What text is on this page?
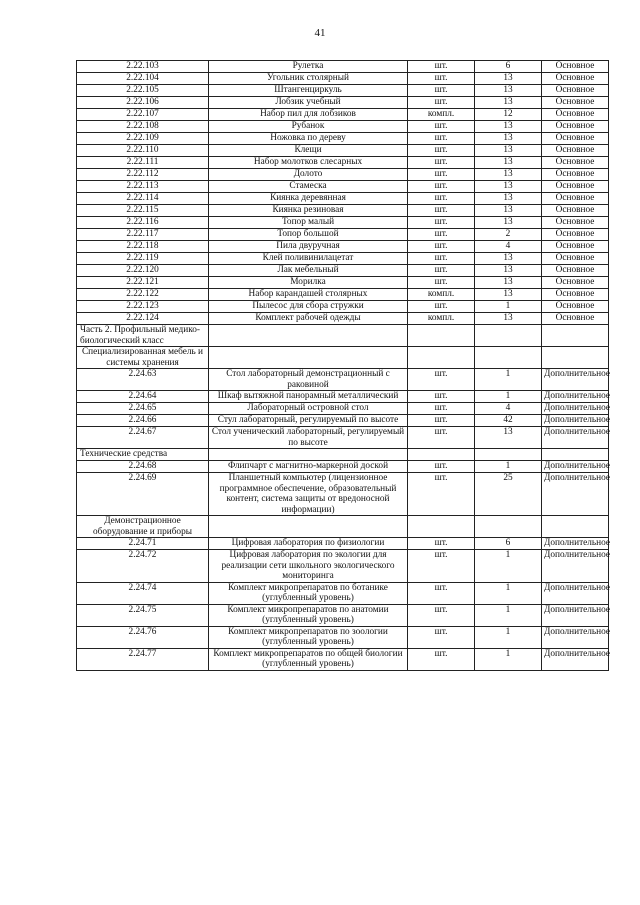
41
2.22.103	Рулетка	шт.	6	Основное
2.22.104	Угольник столярный	шт.	13	Основное
2.22.105	Штангенциркуль	шт.	13	Основное
2.22.106	Лобзик учебный	шт.	13	Основное
2.22.107	Набор пил для лобзиков	компл.	12	Основное
2.22.108	Рубанок	шт.	13	Основное
2.22.109	Ножовка по дереву	шт.	13	Основное
2.22.110	Клещи	шт.	13	Основное
2.22.111	Набор молотков слесарных	шт.	13	Основное
2.22.112	Долото	шт.	13	Основное
2.22.113	Стамеска	шт.	13	Основное
2.22.114	Киянка деревянная	шт.	13	Основное
2.22.115	Киянка резиновая	шт.	13	Основное
2.22.116	Топор малый	шт.	13	Основное
2.22.117	Топор большой	шт.	2	Основное
2.22.118	Пила двуручная	шт.	4	Основное
2.22.119	Клей поливинилацетат	шт.	13	Основное
2.22.120	Лак мебельный	шт.	13	Основное
2.22.121	Морилка	шт.	13	Основное
2.22.122	Набор карандашей столярных	компл.	13	Основное
2.22.123	Пылесос для сбора стружки	шт.	1	Основное
2.22.124	Комплект рабочей одежды	компл.	13	Основное
Часть 2. Профильный медико-биологический класс				
Специализированная мебель и системы хранения				
2.24.63	Стол лабораторный демонстрационный с раковиной	шт.	1	Дополнительное
2.24.64	Шкаф вытяжной панорамный металлический	шт.	1	Дополнительное
2.24.65	Лабораторный островной стол	шт.	4	Дополнительное
2.24.66	Стул лабораторный, регулируемый по высоте	шт.	42	Дополнительное
2.24.67	Стол ученический лабораторный, регулируемый по высоте	шт.	13	Дополнительное
Технические средства				
2.24.68	Флипчарт с магнитно-маркерной доской	шт.	1	Дополнительное
2.24.69	Планшетный компьютер (лицензионное программное обеспечение, образовательный контент, система защиты от вредоносной информации)	шт.	25	Дополнительное
Демонстрационное оборудование и приборы				
2.24.71	Цифровая лаборатория по физиологии	шт.	6	Дополнительное
2.24.72	Цифровая лаборатория по экологии для реализации сети школьного экологического мониторинга	шт.	1	Дополнительное
2.24.74	Комплект микропрепаратов по ботанике (углубленный уровень)	шт.	1	Дополнительное
2.24.75	Комплект микропрепаратов по анатомии (углубленный уровень)	шт.	1	Дополнительное
2.24.76	Комплект микропрепаратов по зоологии (углубленный уровень)	шт.	1	Дополнительное
2.24.77	Комплект микропрепаратов по общей биологии (углубленный уровень)	шт.	1	Дополнительное
